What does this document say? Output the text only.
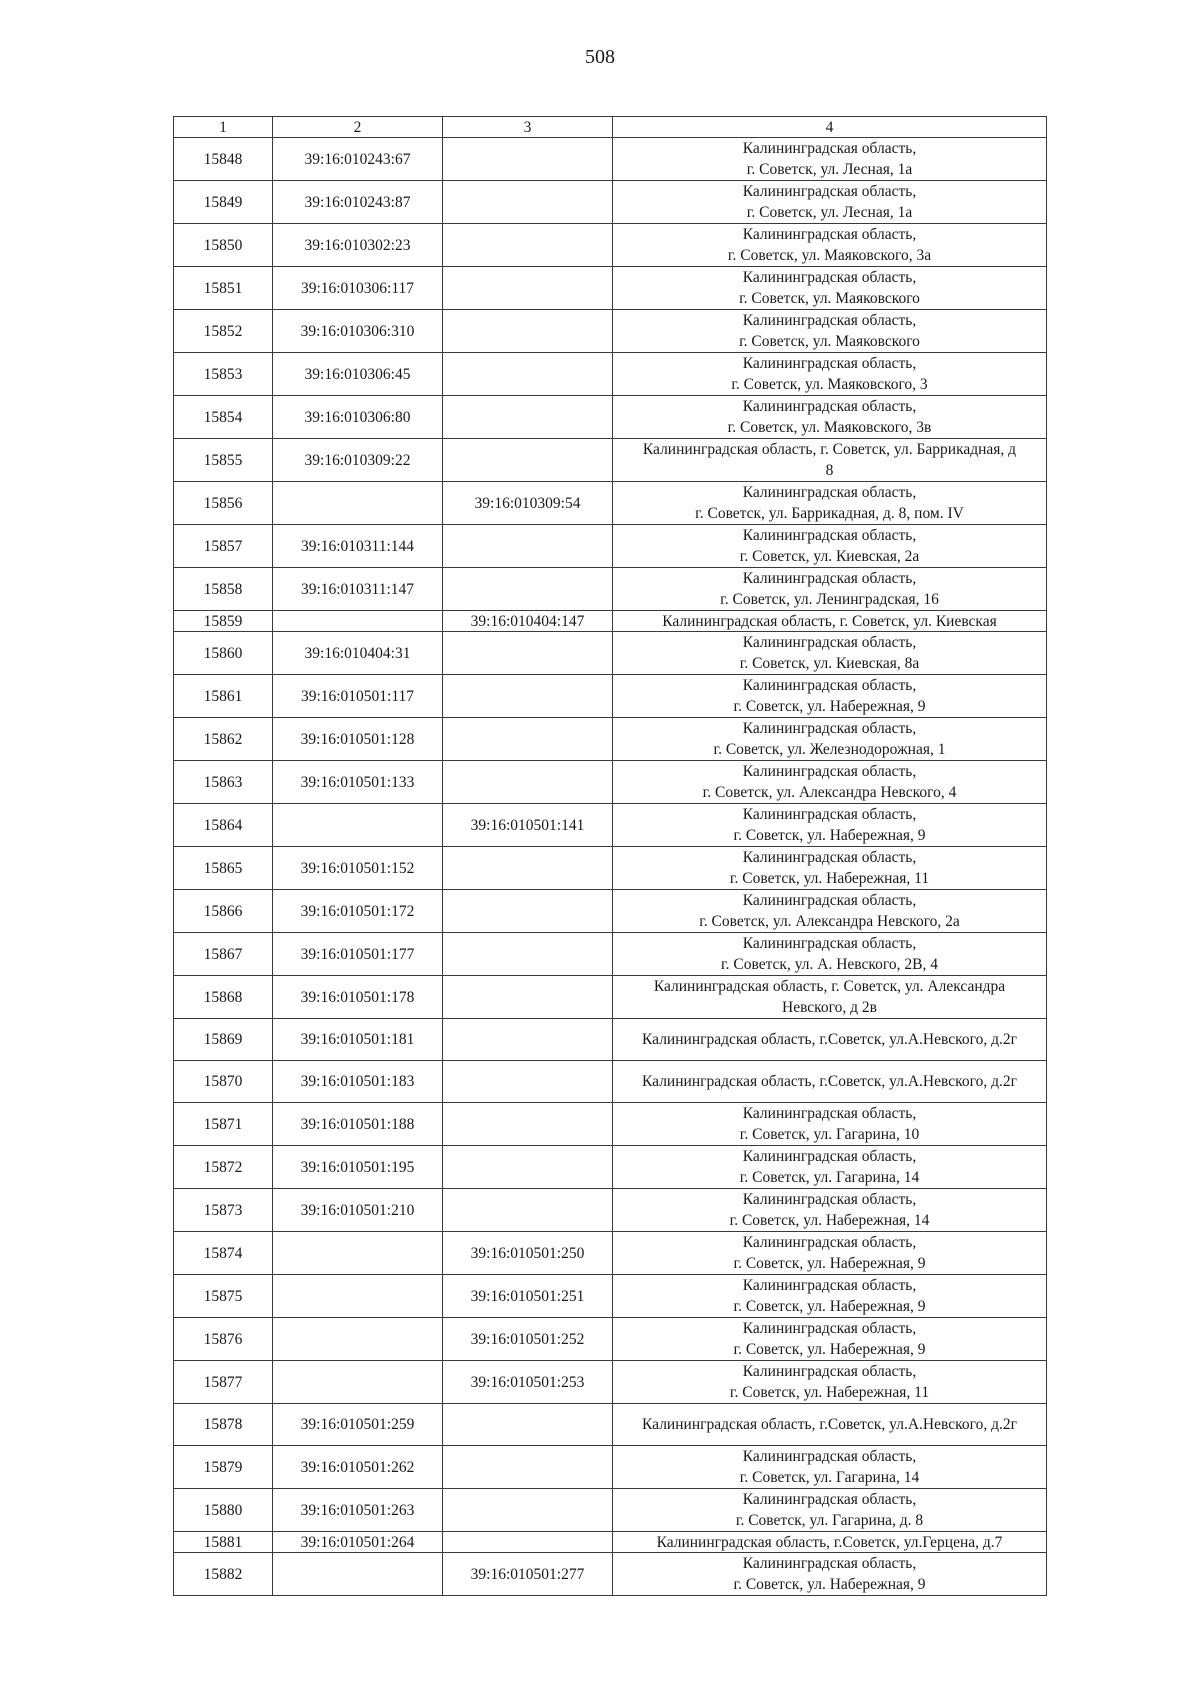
508
1	2	3	4
15848	39:16:010243:67		Калининградская область,
г. Советск, ул. Лесная, 1а

15849	39:16:010243:87		Калининградская область,
г. Советск, ул. Лесная, 1а

15850	39:16:010302:23		Калининградская область,
г. Советск, ул. Маяковского, 3а

15851	39:16:010306:117		Калининградская область,
г. Советск, ул. Маяковского

15852	39:16:010306:310		Калининградская область,
г. Советск, ул. Маяковского

15853	39:16:010306:45		Калининградская область,
г. Советск, ул. Маяковского, 3

15854	39:16:010306:80		Калининградская область,
г. Советск, ул. Маяковского, 3в

15855	39:16:010309:22		Калининградская область, г. Советск, ул. Баррикадная, д
8

15856		39:16:010309:54	Калининградская область,
г. Советск, ул. Баррикадная, д. 8, пом. IV

15857	39:16:010311:144		Калининградская область,
г. Советск, ул. Киевская, 2а

15858	39:16:010311:147		Калининградская область,
г. Советск, ул. Ленинградская, 16

15859		39:16:010404:147	Калининградская область, г. Советск, ул. Киевская

15860	39:16:010404:31		Калининградская область,
г. Советск, ул. Киевская, 8а

15861	39:16:010501:117		Калининградская область,
г. Советск, ул. Набережная, 9

15862	39:16:010501:128		Калининградская область,
г. Советск, ул. Железнодорожная, 1

15863	39:16:010501:133		Калининградская область,
г. Советск, ул. Александра Невского, 4

15864		39:16:010501:141	Калининградская область,
г. Советск, ул. Набережная, 9

15865	39:16:010501:152		Калининградская область,
г. Советск, ул. Набережная, 11

15866	39:16:010501:172		Калининградская область,
г. Советск, ул. Александра Невского, 2а

15867	39:16:010501:177		Калининградская область,
г. Советск, ул. А. Невского, 2В, 4

15868	39:16:010501:178		Калининградская область, г. Советск, ул. Александра
Невского, д 2в

15869	39:16:010501:181		Калининградская область, г.Советск, ул.А.Невского, д.2г

15870	39:16:010501:183		Калининградская область, г.Советск, ул.А.Невского, д.2г

15871	39:16:010501:188		Калининградская область,
г. Советск, ул. Гагарина, 10

15872	39:16:010501:195		Калининградская область,
г. Советск, ул. Гагарина, 14

15873	39:16:010501:210		Калининградская область,
г. Советск, ул. Набережная, 14

15874		39:16:010501:250	Калининградская область,
г. Советск, ул. Набережная, 9

15875		39:16:010501:251	Калининградская область,
г. Советск, ул. Набережная, 9

15876		39:16:010501:252	Калининградская область,
г. Советск, ул. Набережная, 9

15877		39:16:010501:253	Калининградская область,
г. Советск, ул. Набережная, 11

15878	39:16:010501:259		Калининградская область, г.Советск, ул.А.Невского, д.2г

15879	39:16:010501:262		Калининградская область,
г. Советск, ул. Гагарина, 14

15880	39:16:010501:263		Калининградская область,
г. Советск, ул. Гагарина, д. 8

15881	39:16:010501:264		Калининградская область, г.Советск, ул.Герцена, д.7

15882		39:16:010501:277	Калининградская область,
г. Советск, ул. Набережная, 9
